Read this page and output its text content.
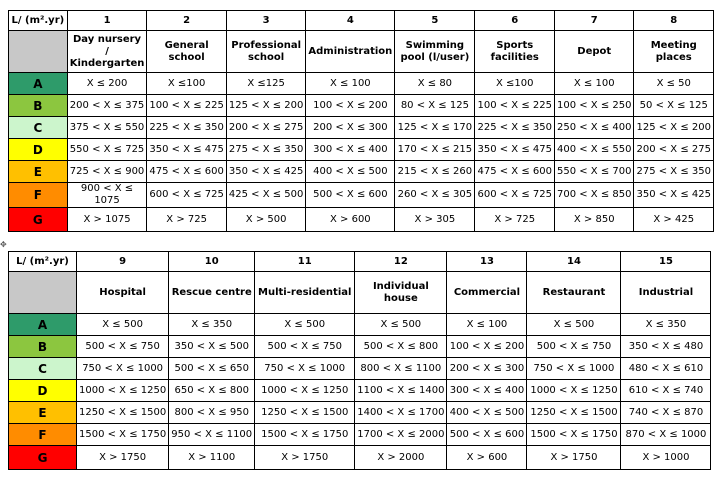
✥
L/ (m².yr)	1	2	3	4	5	6	7	8
	Day nursery / Kindergarten	General school	Professional school	Administration	Swimming pool (l/user)	Sports facilities	Depot	Meeting places
A	X ≤ 200	X ≤100	X ≤125	X ≤ 100	X ≤ 80	X ≤100	X ≤ 100	X ≤ 50
B	200 < X ≤ 375	100 < X ≤ 225	125 < X ≤ 200	100 < X ≤ 200	80 < X ≤ 125	100 < X ≤ 225	100 < X ≤ 250	50 < X ≤ 125
C	375 < X ≤ 550	225 < X ≤ 350	200 < X ≤ 275	200 < X ≤ 300	125 < X ≤ 170	225 < X ≤ 350	250 < X ≤ 400	125 < X ≤ 200
D	550 < X ≤ 725	350 < X ≤ 475	275 < X ≤ 350	300 < X ≤ 400	170 < X ≤ 215	350 < X ≤ 475	400 < X ≤ 550	200 < X ≤ 275
E	725 < X ≤ 900	475 < X ≤ 600	350 < X ≤ 425	400 < X ≤ 500	215 < X ≤ 260	475 < X ≤ 600	550 < X ≤ 700	275 < X ≤ 350
F	900 < X ≤ 1075	600 < X ≤ 725	425 < X ≤ 500	500 < X ≤ 600	260 < X ≤ 305	600 < X ≤ 725	700 < X ≤ 850	350 < X ≤ 425
G	X > 1075	X > 725	X > 500	X > 600	X > 305	X > 725	X > 850	X > 425
L/ (m².yr)	9	10	11	12	13	14	15
	Hospital	Rescue centre	Multi-residential	Individual house	Commercial	Restaurant	Industrial
A	X ≤ 500	X ≤ 350	X ≤ 500	X ≤ 500	X ≤ 100	X ≤ 500	X ≤ 350
B	500 < X ≤ 750	350 < X ≤ 500	500 < X ≤ 750	500 < X ≤ 800	100 < X ≤ 200	500 < X ≤ 750	350 < X ≤ 480
C	750 < X ≤ 1000	500 < X ≤ 650	750 < X ≤ 1000	800 < X ≤ 1100	200 < X ≤ 300	750 < X ≤ 1000	480 < X ≤ 610
D	1000 < X ≤ 1250	650 < X ≤ 800	1000 < X ≤ 1250	1100 < X ≤ 1400	300 < X ≤ 400	1000 < X ≤ 1250	610 < X ≤ 740
E	1250 < X ≤ 1500	800 < X ≤ 950	1250 < X ≤ 1500	1400 < X ≤ 1700	400 < X ≤ 500	1250 < X ≤ 1500	740 < X ≤ 870
F	1500 < X ≤ 1750	950 < X ≤ 1100	1500 < X ≤ 1750	1700 < X ≤ 2000	500 < X ≤ 600	1500 < X ≤ 1750	870 < X ≤ 1000
G	X > 1750	X > 1100	X > 1750	X > 2000	X > 600	X > 1750	X > 1000
